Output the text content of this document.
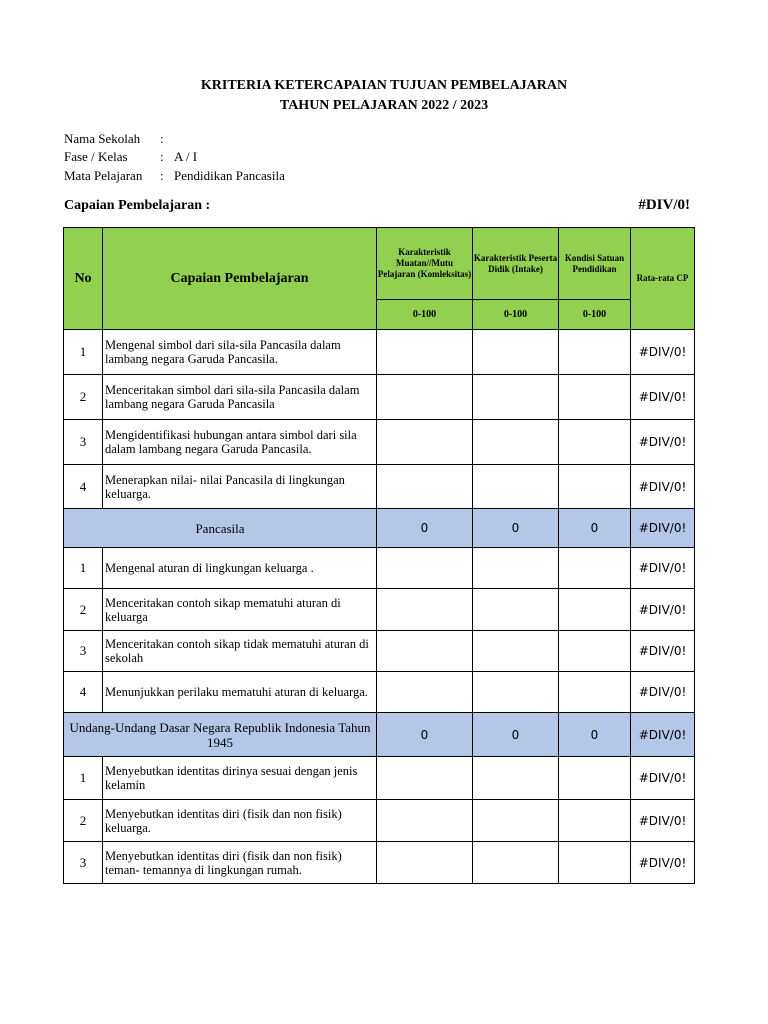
KRITERIA KETERCAPAIAN TUJUAN PEMBELAJARAN
TAHUN PELAJARAN 2022 / 2023
Nama Sekolah :
Fase / Kelas : A / I
Mata Pelajaran : Pendidikan Pancasila
Capaian Pembelajaran :	#DIV/0!
No	Capaian Pembelajaran	Karakteristik Muatan//Mutu Pelajaran (Komleksitas)	Karakteristik Peserta Didik (Intake)	Kondisi Satuan Pendidikan	Rata-rata CP
		0-100	0-100	0-100	
1	Mengenal simbol dari sila-sila Pancasila dalam lambang negara Garuda Pancasila.				#DIV/0!
2	Menceritakan simbol dari sila-sila Pancasila dalam lambang negara Garuda Pancasila				#DIV/0!
3	Mengidentifikasi hubungan antara simbol dari sila dalam lambang negara Garuda Pancasila.				#DIV/0!
4	Menerapkan nilai- nilai Pancasila di lingkungan keluarga.				#DIV/0!
Pancasila		0	0	0	#DIV/0!
1	Mengenal aturan di lingkungan keluarga .				#DIV/0!
2	Menceritakan contoh sikap mematuhi aturan di keluarga				#DIV/0!
3	Menceritakan contoh sikap tidak mematuhi aturan di sekolah				#DIV/0!
4	Menunjukkan perilaku mematuhi aturan di keluarga.				#DIV/0!
Undang-Undang Dasar Negara Republik Indonesia Tahun 1945		0	0	0	#DIV/0!
1	Menyebutkan identitas dirinya sesuai dengan jenis kelamin				#DIV/0!
2	Menyebutkan identitas diri (fisik dan non fisik) keluarga.				#DIV/0!
3	Menyebutkan identitas diri (fisik dan non fisik) teman- temannya di lingkungan rumah.				#DIV/0!
